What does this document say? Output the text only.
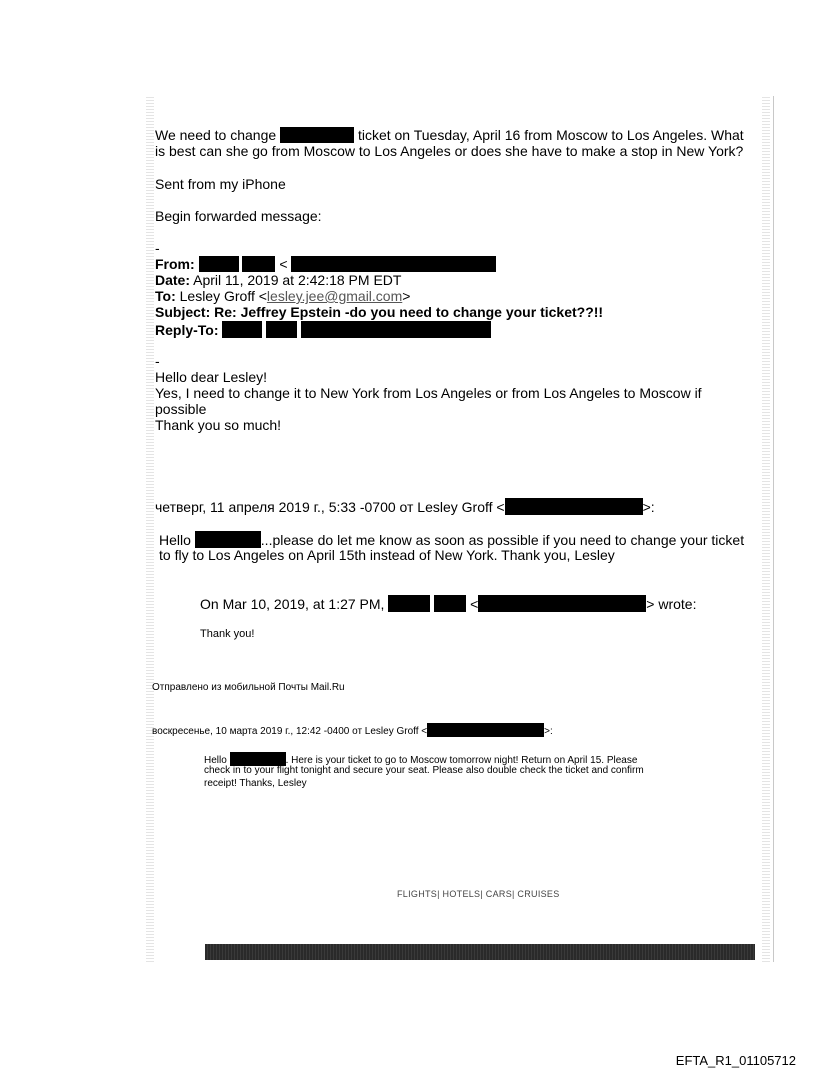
We need to change	ticket on Tuesday, April 16 from Moscow to Los Angeles. What
is best can she go from Moscow to Los Angeles or does she have to make a stop in New York?
Sent from my iPhone
Begin forwarded message:
-
From:	<
Date: April 11, 2019 at 2:42:18 PM EDT
To: Lesley Groff <lesley.jee@gmail.com>
Subject: Re: Jeffrey Epstein -do you need to change your ticket??!!
Reply-To:
-
Hello dear Lesley!
Yes, I need to change it to New York from Los Angeles or from Los Angeles to Moscow if
possible
Thank you so much!
четверг, 11 апреля 2019 г., 5:33 -0700 от Lesley Groff <	>:
Hello	...please do let me know as soon as possible if you need to change your ticket
to fly to Los Angeles on April 15th instead of New York. Thank you, Lesley
On Mar 10, 2019, at 1:27 PM,	<	> wrote:
Thank you!
Отправлено из мобильной Почты Mail.Ru
воскресенье, 10 марта 2019 г., 12:42 -0400 от Lesley Groff <	>:
Hello	. Here is your ticket to go to Moscow tomorrow night! Return on April 15. Please
check in to your flight tonight and secure your seat. Please also double check the ticket and confirm
receipt! Thanks, Lesley
FLIGHTS| HOTELS| CARS| CRUISES
EFTA_R1_01105712
